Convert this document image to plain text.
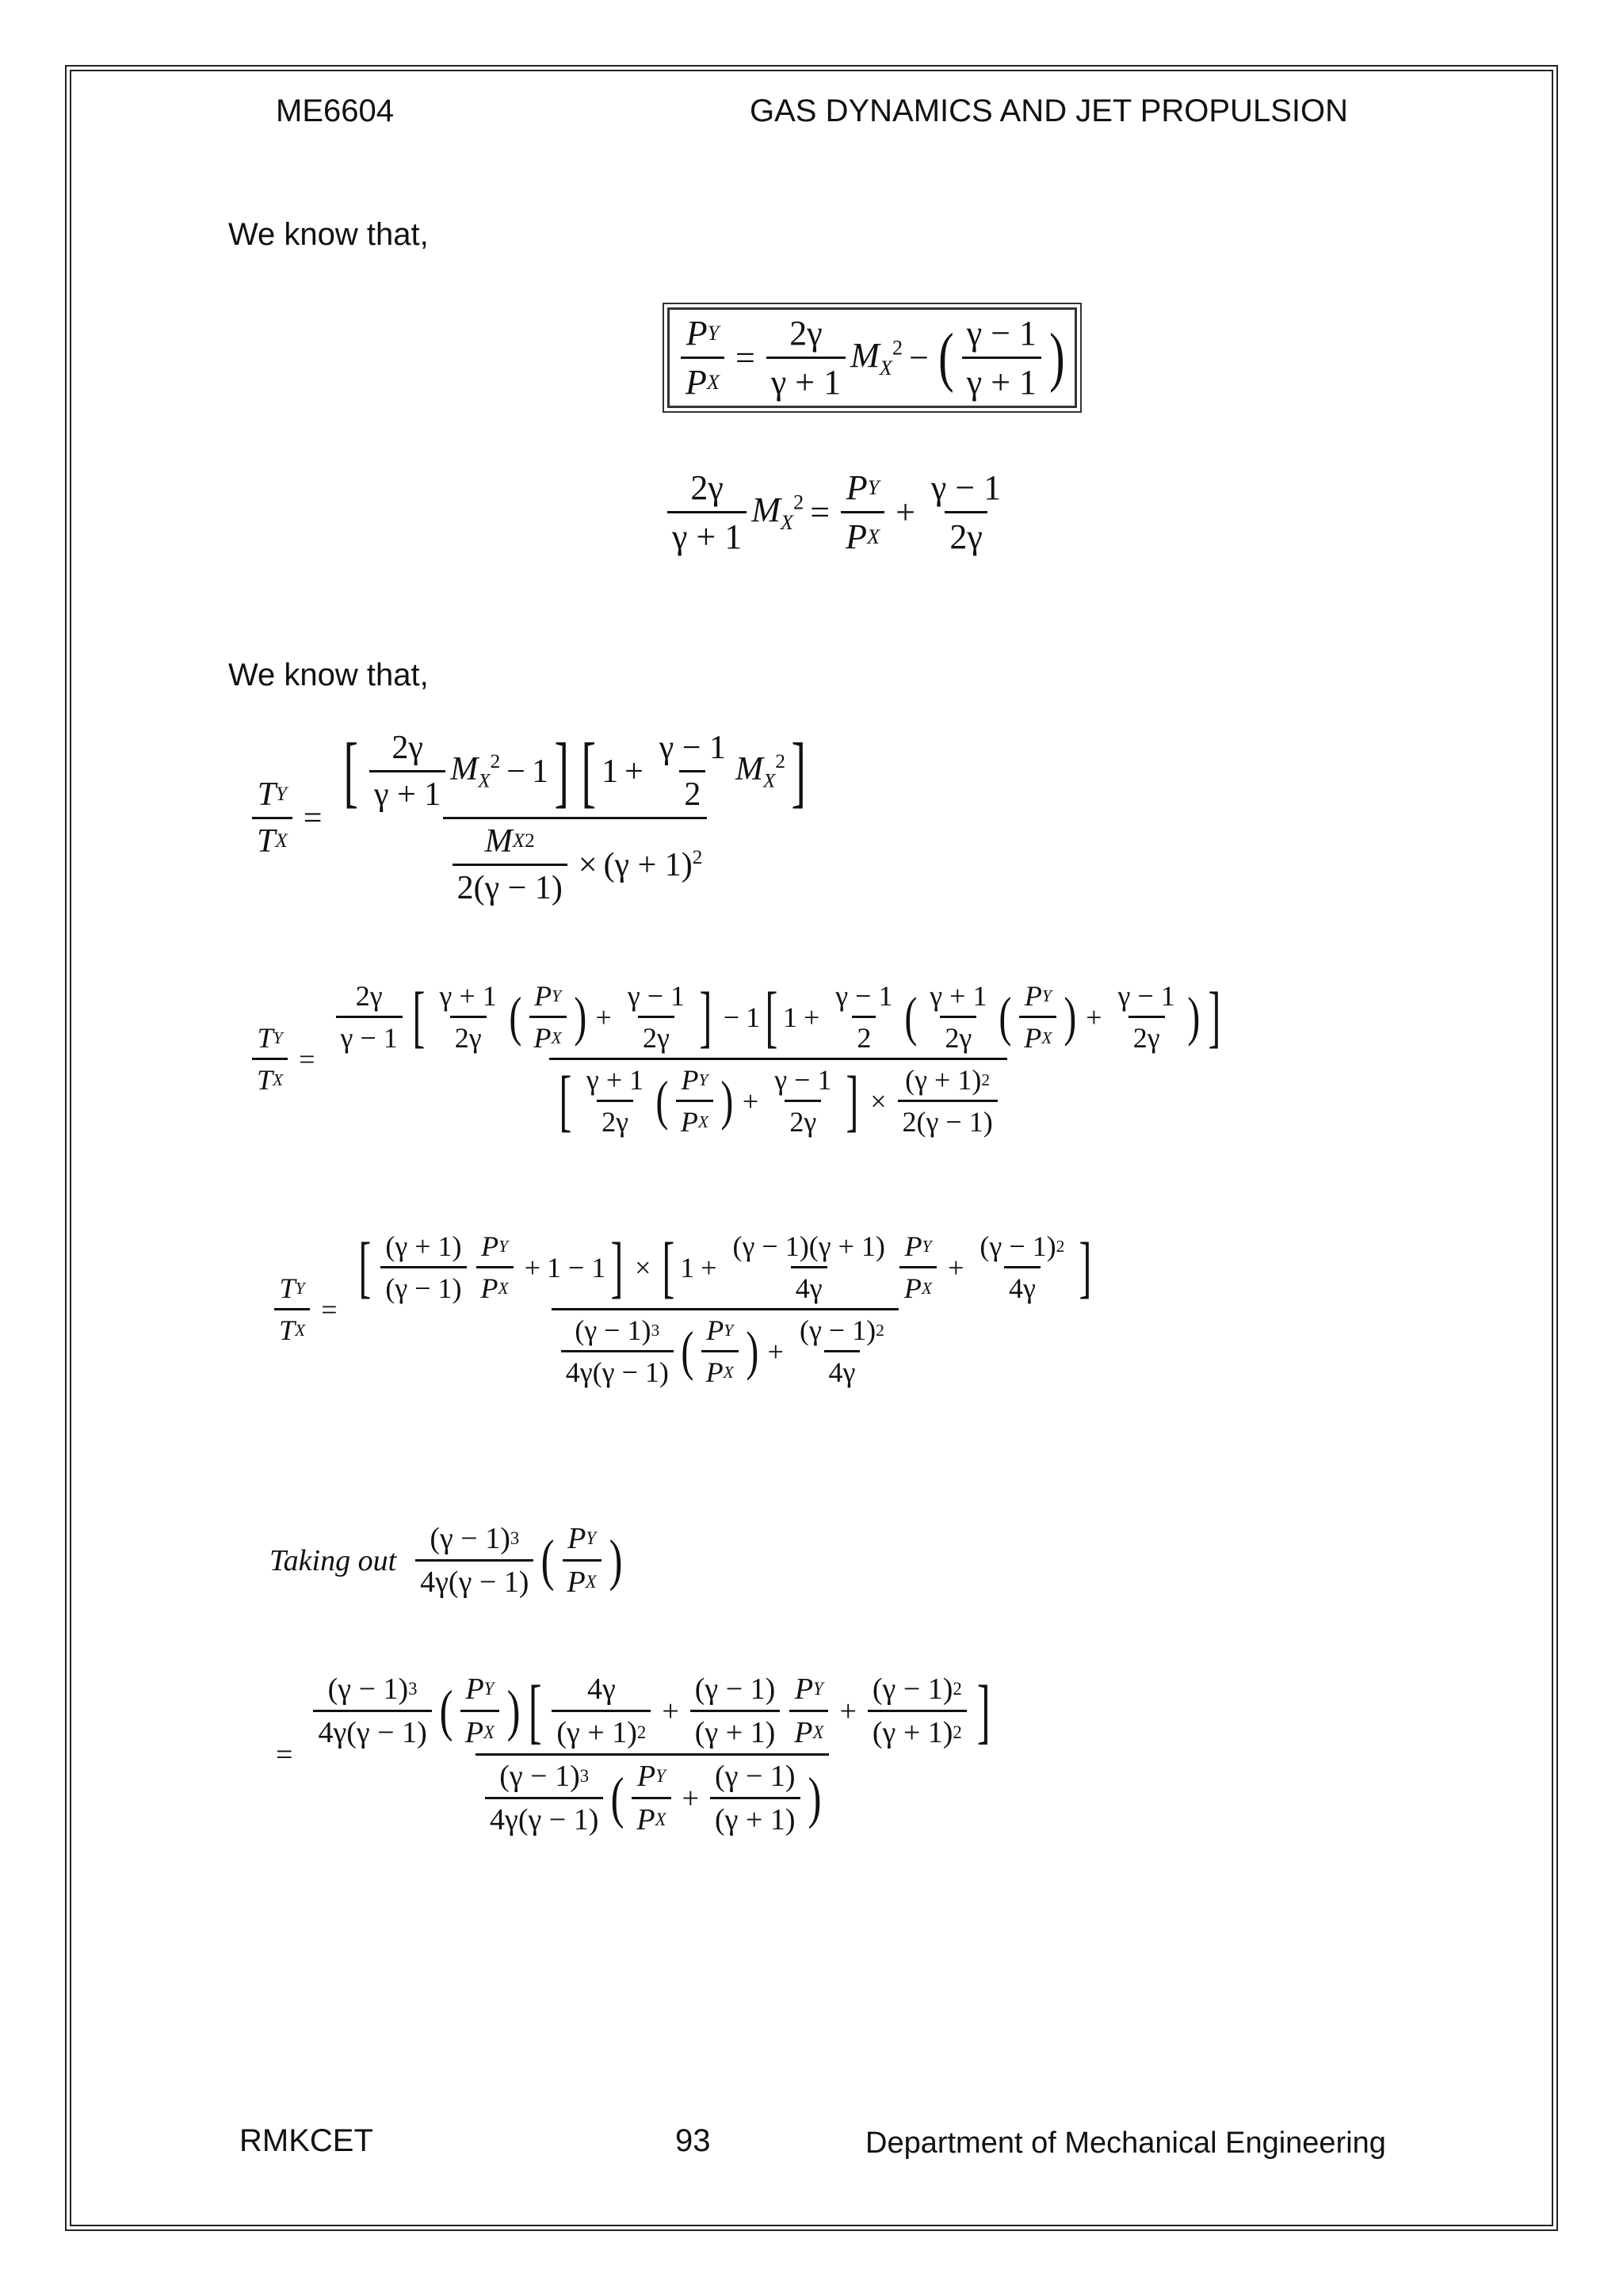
ME6604	GAS DYNAMICS AND JET PROPULSION
We know that,
$\frac{\text{P Y}}{\text{P X}} = \frac{2\gamma}{\gamma + 1} M_X^2$ − ( $\frac{\gamma - 1}{\gamma + 1}$ )
$\frac{2\gamma}{\gamma + 1} M_X^2 = \frac{\text{P Y}}{\text{P X}} + \frac{\gamma - 1}{2\gamma}$
We know that,
$\frac{\text{T Y}}{\text{T X}}$ =
[ $\frac{2\gamma}{\gamma + 1} M_X^2 - 1$ ] [ $1 + \frac{\gamma - 1}{2} M_X^2$ ]
$\frac{\text{M X 2}}{2(\gamma - 1)} \times (\gamma + 1)^2$
$\frac{\text{T Y}}{\text{T X}}$ =
$\frac{2\gamma}{\gamma - 1}$ [ $\frac{\gamma + 1}{2\gamma}$ ( $\frac{\text{P Y}}{\text{P X}}$ ) + $\frac{\gamma - 1}{2\gamma}$ ] − 1 [ $1 + \frac{\gamma - 1}{2}$ ( $\frac{\gamma + 1}{2\gamma}$ ( $\frac{\text{P Y}}{\text{P X}}$ ) + $\frac{\gamma - 1}{2\gamma}$ ) ]
[ $\frac{\gamma + 1}{2\gamma}$ ( $\frac{\text{P Y}}{\text{P X}}$ ) + $\frac{\gamma - 1}{2\gamma}$ ] × $\frac{(\gamma + 1) 2}{2(\gamma - 1)}$
$\frac{\text{T Y}}{\text{T X}}$ =
[ $\frac{(\gamma + 1)}{(\gamma - 1)} \frac{\text{P Y}}{\text{P X}} + 1 - 1$ ] × [ $1 + \frac{(\gamma - 1)(\gamma + 1)}{4\gamma} \frac{\text{P Y}}{\text{P X}} + \frac{(\gamma - 1) 2}{4\gamma}$ ]
$\frac{(\gamma - 1) 3}{4\gamma(\gamma - 1)}$ ( $\frac{\text{P Y}}{\text{P X}}$ ) + $\frac{(\gamma - 1) 2}{4\gamma}$
Taking out $\frac{(\gamma - 1) 3}{4\gamma(\gamma - 1)}$ ( $\frac{\text{P Y}}{\text{P X}}$ )
=
$\frac{(\gamma - 1) 3}{4\gamma(\gamma - 1)}$ ( $\frac{\text{P Y}}{\text{P X}}$ ) [ $\frac{4\gamma}{(\gamma + 1) 2} + \frac{(\gamma - 1)}{(\gamma + 1)} \frac{\text{P Y}}{\text{P X}} + \frac{(\gamma - 1) 2}{(\gamma + 1) 2}$ ]
$\frac{(\gamma - 1) 3}{4\gamma(\gamma - 1)}$ ( $\frac{\text{P Y}}{\text{P X}} + \frac{(\gamma - 1)}{(\gamma + 1)}$ )
RMKCET	93	Department of Mechanical Engineering
